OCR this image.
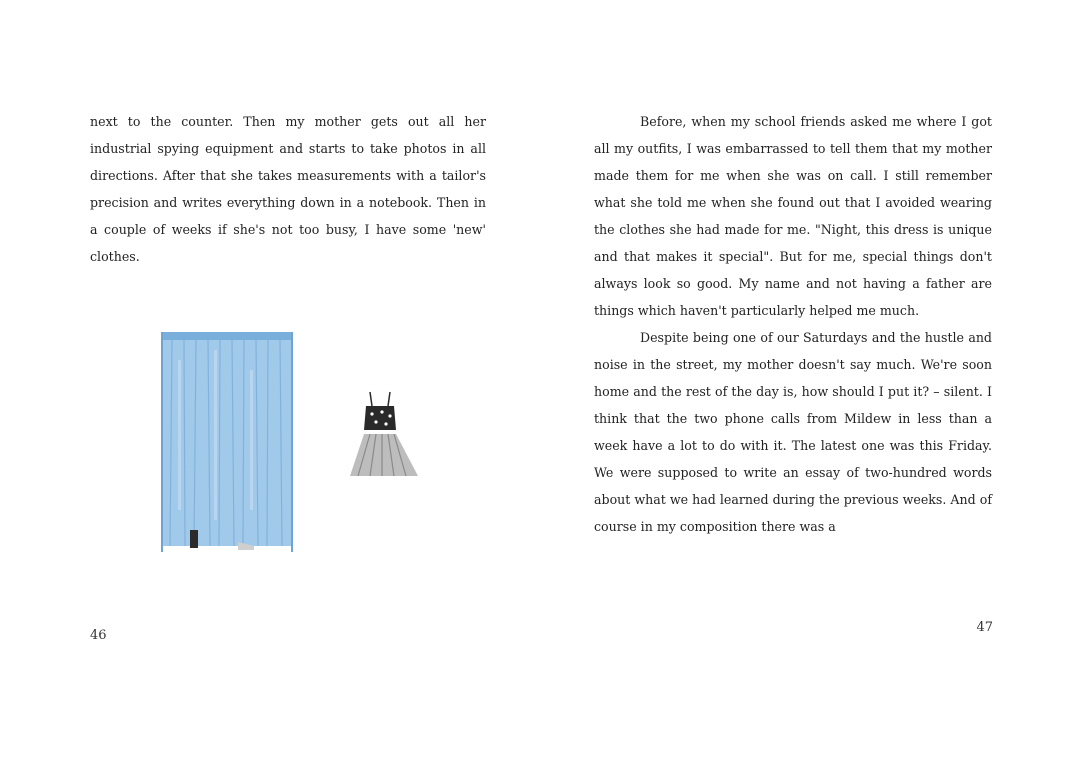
next to the counter. Then my mother gets out all her industrial spying equipment and starts to take photos in all directions. After that she takes measurements with a tailor's precision and writes everything down in a notebook. Then in a couple of weeks if she's not too busy, I have some 'new' clothes.

46

Before, when my school friends asked me where I got all my outfits, I was embarrassed to tell them that my mother made them for me when she was on call. I still remember what she told me when she found out that I avoided wearing the clothes she had made for me. "Night, this dress is unique and that makes it special". But for me, special things don't always look so good. My name and not having a father are things which haven't particularly helped me much.

Despite being one of our Saturdays and the hustle and noise in the street, my mother doesn't say much. We're soon home and the rest of the day is, how should I put it? – silent. I think that the two phone calls from Mildew in less than a week have a lot to do with it. The latest one was this Friday. We were supposed to write an essay of two-hundred words about what we had learned during the previous weeks. And of course in my composition there was a

47
